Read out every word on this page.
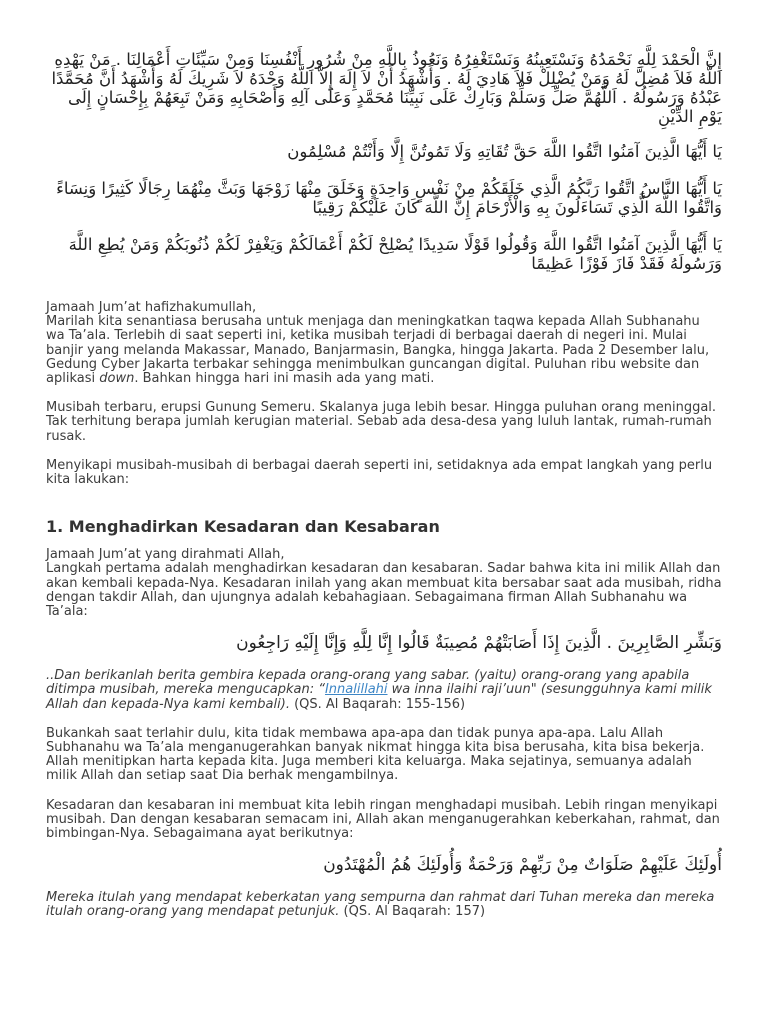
إِنَّ الْحَمْدَ لِلَّهِ نَحْمَدُهُ وَنَسْتَعِينُهُ وَنَسْتَغْفِرُهُ وَنَعُوذُ بِاللَّهِ مِنْ شُرُورِ أَنْفُسِنَا وَمِنْ سَيِّئَاتِ أَعْمَالِنَا . مَنْ يَهْدِهِ اللَّهُ فَلاَ مُضِلَّ لَهُ وَمَنْ يُضْلِلْ فَلاَ هَادِيَ لَهُ . وَأَشْهَدُ أَنْ لاَ إِلَهَ إِلاَّ اللَّهُ وَحْدَهُ لاَ شَرِيكَ لَهُ وَأَشْهَدُ أَنَّ مُحَمَّدًا عَبْدُهُ وَرَسُولُهُ . اَللَّهُمَّ صَلِّ وَسَلِّمْ وَبَارِكْ عَلَى نَبِيِّنَا مُحَمَّدٍ وَعَلَى آلِهِ وَأَصْحَابِهِ وَمَنْ تَبِعَهُمْ بِإِحْسَانٍ إِلَى يَوْمِ الدِّيْنِ
يَا أَيُّهَا الَّذِينَ آمَنُوا اتَّقُوا اللَّهَ حَقَّ تُقَاتِهِ وَلَا تَمُوتُنَّ إِلَّا وَأَنْتُمْ مُسْلِمُون
يَا أَيُّهَا النَّاسُ اتَّقُوا رَبَّكُمُ الَّذِي خَلَقَكُمْ مِنْ نَفْسٍ وَاحِدَةٍ وَخَلَقَ مِنْهَا زَوْجَهَا وَبَثَّ مِنْهُمَا رِجَالًا كَثِيرًا وَنِسَاءً وَاتَّقُوا اللَّهَ الَّذِي تَسَاءَلُونَ بِهِ وَالْأَرْحَامَ إِنَّ اللَّهَ كَانَ عَلَيْكُمْ رَقِيبًا
يَا أَيُّهَا الَّذِينَ آمَنُوا اتَّقُوا اللَّهَ وَقُولُوا قَوْلًا سَدِيدًا يُصْلِحْ لَكُمْ أَعْمَالَكُمْ وَيَغْفِرْ لَكُمْ ذُنُوبَكُمْ وَمَنْ يُطِعِ اللَّهَ وَرَسُولَهُ فَقَدْ فَازَ فَوْزًا عَظِيمًا

Jamaah Jum’at hafizhakumullah,
Marilah kita senantiasa berusaha untuk menjaga dan meningkatkan taqwa kepada Allah Subhanahu wa Ta’ala. Terlebih di saat seperti ini, ketika musibah terjadi di berbagai daerah di negeri ini. Mulai banjir yang melanda Makassar, Manado, Banjarmasin, Bangka, hingga Jakarta. Pada 2 Desember lalu, Gedung Cyber Jakarta terbakar sehingga menimbulkan guncangan digital. Puluhan ribu website dan aplikasi down. Bahkan hingga hari ini masih ada yang mati.

Musibah terbaru, erupsi Gunung Semeru. Skalanya juga lebih besar. Hingga puluhan orang meninggal. Tak terhitung berapa jumlah kerugian material. Sebab ada desa-desa yang luluh lantak, rumah-rumah rusak.

Menyikapi musibah-musibah di berbagai daerah seperti ini, setidaknya ada empat langkah yang perlu kita lakukan:

1. Menghadirkan Kesadaran dan Kesabaran

Jamaah Jum’at yang dirahmati Allah,
Langkah pertama adalah menghadirkan kesadaran dan kesabaran. Sadar bahwa kita ini milik Allah dan akan kembali kepada-Nya. Kesadaran inilah yang akan membuat kita bersabar saat ada musibah, ridha dengan takdir Allah, dan ujungnya adalah kebahagiaan. Sebagaimana firman Allah Subhanahu wa Ta’ala:

وَبَشِّرِ الصَّابِرِينَ . الَّذِينَ إِذَا أَصَابَتْهُمْ مُصِيبَةٌ قَالُوا إِنَّا لِلَّهِ وَإِنَّا إِلَيْهِ رَاجِعُون

..Dan berikanlah berita gembira kepada orang-orang yang sabar. (yaitu) orang-orang yang apabila ditimpa musibah, mereka mengucapkan: “Innalillahi wa inna ilaihi raji’uun" (sesungguhnya kami milik Allah dan kepada-Nya kami kembali). (QS. Al Baqarah: 155-156)

Bukankah saat terlahir dulu, kita tidak membawa apa-apa dan tidak punya apa-apa. Lalu Allah Subhanahu wa Ta’ala menganugerahkan banyak nikmat hingga kita bisa berusaha, kita bisa bekerja. Allah menitipkan harta kepada kita. Juga memberi kita keluarga. Maka sejatinya, semuanya adalah milik Allah dan setiap saat Dia berhak mengambilnya.

Kesadaran dan kesabaran ini membuat kita lebih ringan menghadapi musibah. Lebih ringan menyikapi musibah. Dan dengan kesabaran semacam ini, Allah akan menganugerahkan keberkahan, rahmat, dan bimbingan-Nya. Sebagaimana ayat berikutnya:

أُولَئِكَ عَلَيْهِمْ صَلَوَاتٌ مِنْ رَبِّهِمْ وَرَحْمَةٌ وَأُولَئِكَ هُمُ الْمُهْتَدُون

Mereka itulah yang mendapat keberkatan yang sempurna dan rahmat dari Tuhan mereka dan mereka itulah orang-orang yang mendapat petunjuk. (QS. Al Baqarah: 157)
